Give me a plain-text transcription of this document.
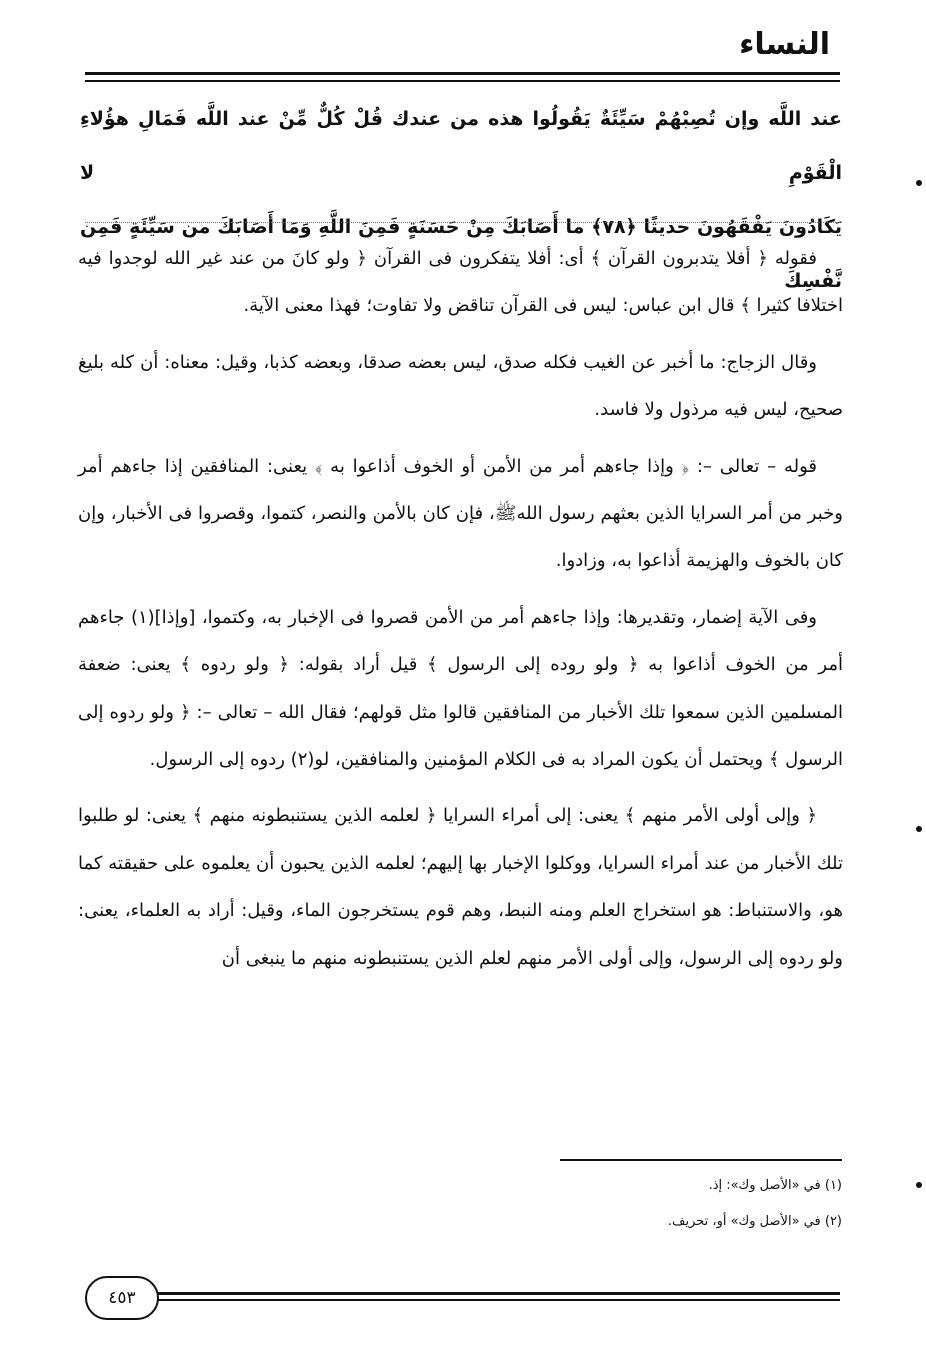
النساء
عند اللَّه وإن تُصِبْهُمْ سَيِّئَةٌ يَقُولُوا هذه من عندك قُلْ كُلٌّ مِّنْ عند اللَّه فَمَالِ هؤُلاءِ الْقَوْمِ لا
يَكَادُونَ يَفْقَهُونَ حديثًا ﴿٧٨﴾ ما أَصَابَكَ مِنْ حَسَنَةٍ فَمِنَ اللَّهِ وَمَا أَصَابَكَ من سَيِّئَةٍ فَمِن نَّفْسِكَ

فقوله ﴿ أفلا يتدبرون القرآن ﴾ أى: أفلا يتفكرون فى القرآن ﴿ ولو كانَ من عند غير الله لوجدوا فيه اختلافا كثيرا ﴾ قال ابن عباس: ليس فى القرآن تناقض ولا تفاوت؛ فهذا معنى الآية.

وقال الزجاج: ما أخبر عن الغيب فكله صدق، ليس بعضه صدقا، وبعضه كذبا، وقيل: معناه: أن كله بليغ صحيح، ليس فيه مرذول ولا فاسد.

قوله – تعالى –: ﴿ وإذا جاءهم أمر من الأمن أو الخوف أذاعوا به ﴾ يعنى: المنافقين إذا جاءهم أمر وخبر من أمر السرايا الذين بعثهم رسول اللهﷺ، فإن كان بالأمن والنصر، كتموا، وقصروا فى الأخبار، وإن كان بالخوف والهزيمة أذاعوا به، وزادوا.

وفى الآية إضمار، وتقديرها: وإذا جاءهم أمر من الأمن قصروا فى الإخبار به، وكتموا، [وإذا](١) جاءهم أمر من الخوف أذاعوا به ﴿ ولو روده إلى الرسول ﴾ قيل أراد بقوله: ﴿ ولو ردوه ﴾ يعنى: ضعفة المسلمين الذين سمعوا تلك الأخبار من المنافقين قالوا مثل قولهم؛ فقال الله – تعالى –: ﴿ ولو ردوه إلى الرسول ﴾ ويحتمل أن يكون المراد به فى الكلام المؤمنين والمنافقين، لو(٢) ردوه إلى الرسول.

﴿ وإلى أولى الأمر منهم ﴾ يعنى: إلى أمراء السرايا ﴿ لعلمه الذين يستنبطونه منهم ﴾ يعنى: لو طلبوا تلك الأخبار من عند أمراء السرايا، ووكلوا الإخبار بها إليهم؛ لعلمه الذين يحبون أن يعلموه على حقيقته كما هو، والاستنباط: هو استخراج العلم ومنه النبط، وهم قوم يستخرجون الماء، وقيل: أراد به العلماء، يعنى: ولو ردوه إلى الرسول، وإلى أولى الأمر منهم لعلم الذين يستنبطونه منهم ما ينبغى أن

(١) في «الأصل وك»: إذ.
(٢) في «الأصل وك» أو، تحريف.
٤٥٣
